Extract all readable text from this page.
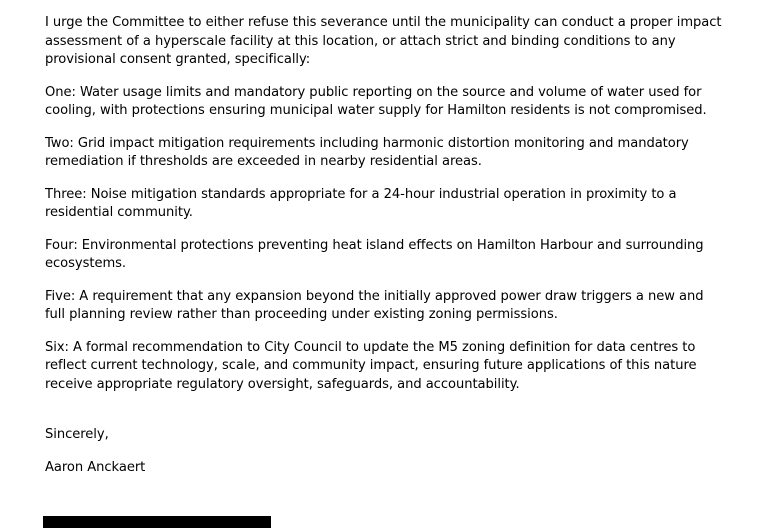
I urge the Committee to either refuse this severance until the municipality can conduct a proper impact assessment of a hyperscale facility at this location, or attach strict and binding conditions to any provisional consent granted, specifically:

One: Water usage limits and mandatory public reporting on the source and volume of water used for cooling, with protections ensuring municipal water supply for Hamilton residents is not compromised.

Two: Grid impact mitigation requirements including harmonic distortion monitoring and mandatory remediation if thresholds are exceeded in nearby residential areas.

Three: Noise mitigation standards appropriate for a 24-hour industrial operation in proximity to a residential community.

Four: Environmental protections preventing heat island effects on Hamilton Harbour and surrounding ecosystems.

Five: A requirement that any expansion beyond the initially approved power draw triggers a new and full planning review rather than proceeding under existing zoning permissions.

Six: A formal recommendation to City Council to update the M5 zoning definition for data centres to reflect current technology, scale, and community impact, ensuring future applications of this nature receive appropriate regulatory oversight, safeguards, and accountability.

Sincerely,

Aaron Anckaert
